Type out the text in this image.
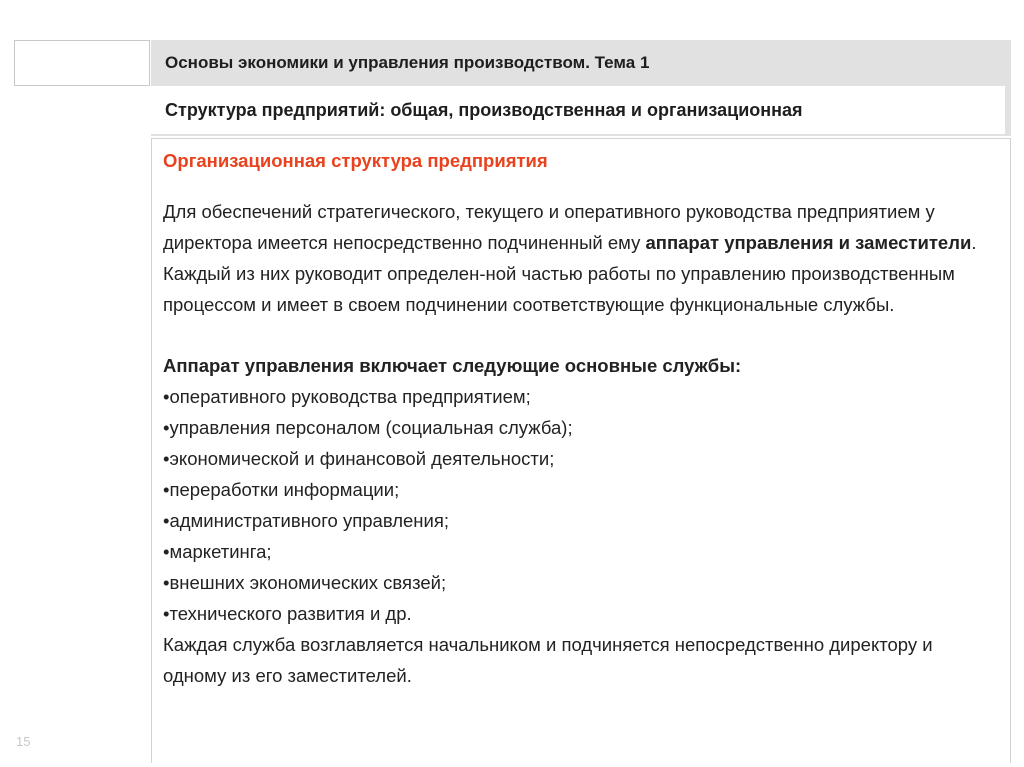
Основы экономики и управления производством. Тема 1
Структура предприятий: общая, производственная и организационная
Организационная структура предприятия

Для обеспечений стратегического, текущего и оперативного руководства предприятием у директора имеется непосредственно подчиненный ему аппарат управления и заместители. Каждый из них руководит определен-ной частью работы по управлению производственным процессом и имеет в своем подчинении соответствующие функциональные службы.

Аппарат управления включает следующие основные службы:
•оперативного руководства предприятием;
•управления персоналом (социальная служба);
•экономической и финансовой деятельности;
•переработки информации;
•административного управления;
•маркетинга;
•внешних экономических связей;
•технического развития и др.

Каждая служба возглавляется начальником и подчиняется непосредственно директору и одному из его заместителей.

15
